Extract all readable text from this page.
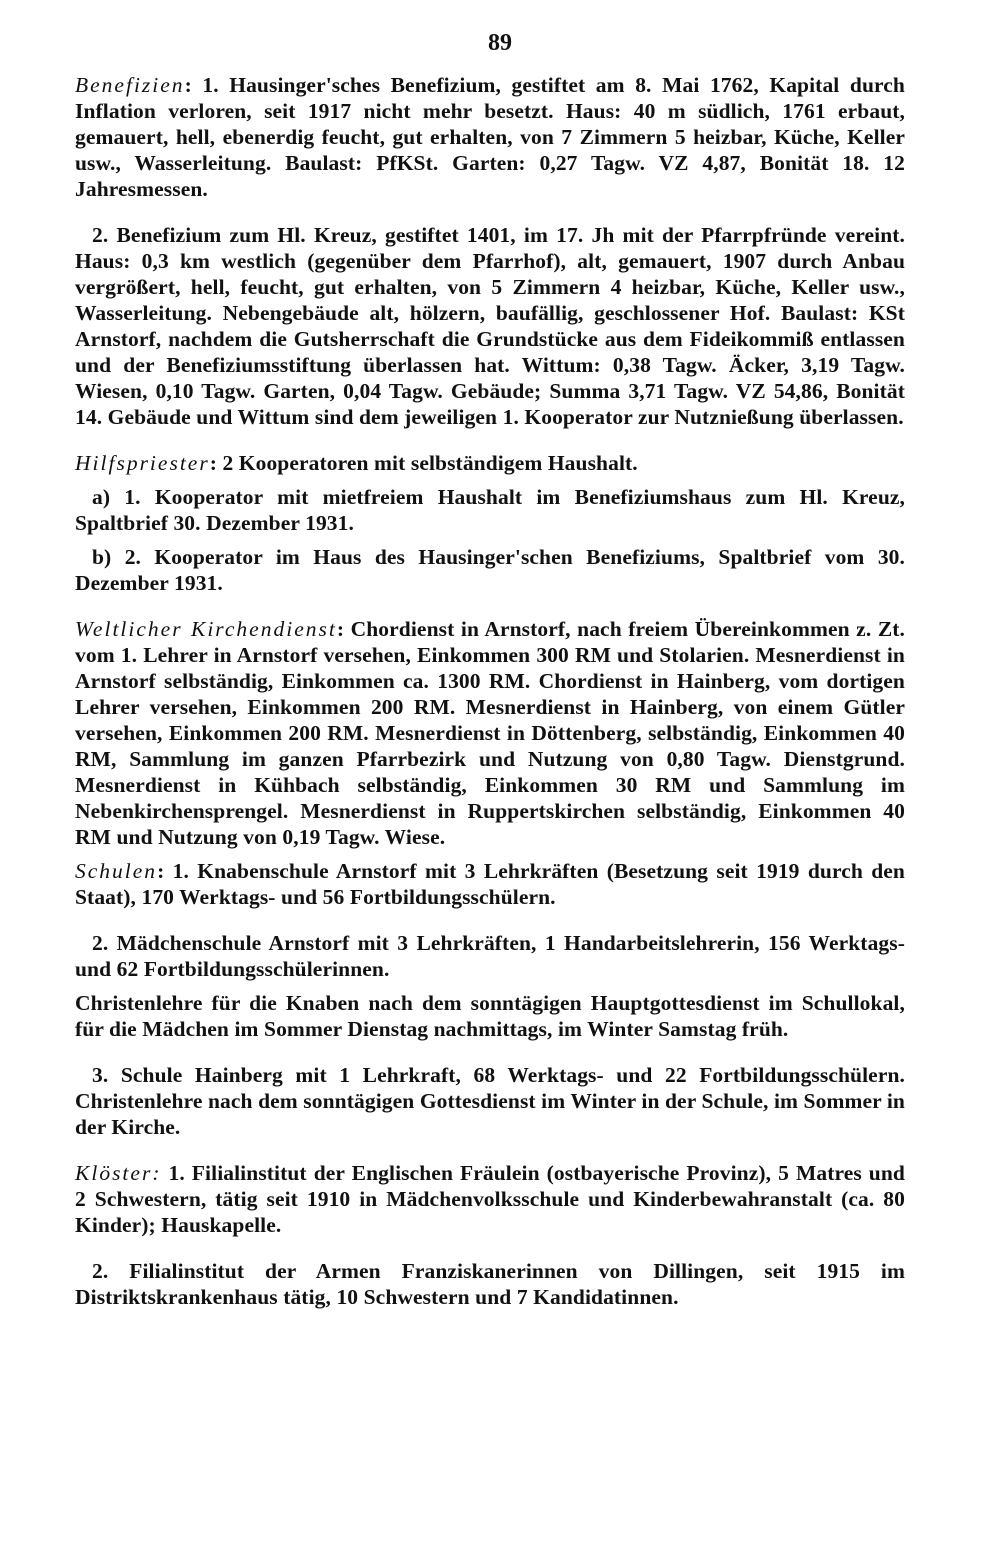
89

Benefizien: 1. Hausinger'sches Benefizium, gestiftet am 8. Mai 1762, Kapital durch Inflation verloren, seit 1917 nicht mehr besetzt. Haus: 40 m südlich, 1761 erbaut, gemauert, hell, ebenerdig feucht, gut erhalten, von 7 Zimmern 5 heizbar, Küche, Keller usw., Wasserleitung. Baulast: PfKSt. Garten: 0,27 Tagw. VZ 4,87, Bonität 18. 12 Jahresmessen.

2. Benefizium zum Hl. Kreuz, gestiftet 1401, im 17. Jh mit der Pfarrpfründe vereint. Haus: 0,3 km westlich (gegenüber dem Pfarrhof), alt, gemauert, 1907 durch Anbau vergrößert, hell, feucht, gut erhalten, von 5 Zimmern 4 heizbar, Küche, Keller usw., Wasserleitung. Nebengebäude alt, hölzern, baufällig, geschlossener Hof. Baulast: KSt Arnstorf, nachdem die Gutsherrschaft die Grundstücke aus dem Fideikommiß entlassen und der Benefiziumsstiftung überlassen hat. Wittum: 0,38 Tagw. Äcker, 3,19 Tagw. Wiesen, 0,10 Tagw. Garten, 0,04 Tagw. Gebäude; Summa 3,71 Tagw. VZ 54,86, Bonität 14. Gebäude und Wittum sind dem jeweiligen 1. Kooperator zur Nutznießung überlassen.

Hilfspriester: 2 Kooperatoren mit selbständigem Haushalt.

a) 1. Kooperator mit mietfreiem Haushalt im Benefiziumshaus zum Hl. Kreuz, Spaltbrief 30. Dezember 1931.

b) 2. Kooperator im Haus des Hausinger'schen Benefiziums, Spaltbrief vom 30. Dezember 1931.

Weltlicher Kirchendienst: Chordienst in Arnstorf, nach freiem Übereinkommen z. Zt. vom 1. Lehrer in Arnstorf versehen, Einkommen 300 RM und Stolarien. Mesnerdienst in Arnstorf selbständig, Einkommen ca. 1300 RM. Chordienst in Hainberg, vom dortigen Lehrer versehen, Einkommen 200 RM. Mesnerdienst in Hainberg, von einem Gütler versehen, Einkommen 200 RM. Mesnerdienst in Döttenberg, selbständig, Einkommen 40 RM, Sammlung im ganzen Pfarrbezirk und Nutzung von 0,80 Tagw. Dienstgrund. Mesnerdienst in Kühbach selbständig, Einkommen 30 RM und Sammlung im Nebenkirchensprengel. Mesnerdienst in Ruppertskirchen selbständig, Einkommen 40 RM und Nutzung von 0,19 Tagw. Wiese.

Schulen: 1. Knabenschule Arnstorf mit 3 Lehrkräften (Besetzung seit 1919 durch den Staat), 170 Werktags- und 56 Fortbildungsschülern.

2. Mädchenschule Arnstorf mit 3 Lehrkräften, 1 Handarbeitslehrerin, 156 Werktags- und 62 Fortbildungsschülerinnen.

Christenlehre für die Knaben nach dem sonntägigen Hauptgottesdienst im Schullokal, für die Mädchen im Sommer Dienstag nachmittags, im Winter Samstag früh.

3. Schule Hainberg mit 1 Lehrkraft, 68 Werktags- und 22 Fortbildungsschülern. Christenlehre nach dem sonntägigen Gottesdienst im Winter in der Schule, im Sommer in der Kirche.

Klöster: 1. Filialinstitut der Englischen Fräulein (ostbayerische Provinz), 5 Matres und 2 Schwestern, tätig seit 1910 in Mädchenvolksschule und Kinderbewahranstalt (ca. 80 Kinder); Hauskapelle.

2. Filialinstitut der Armen Franziskanerinnen von Dillingen, seit 1915 im Distriktskrankenhaus tätig, 10 Schwestern und 7 Kandidatinnen.
